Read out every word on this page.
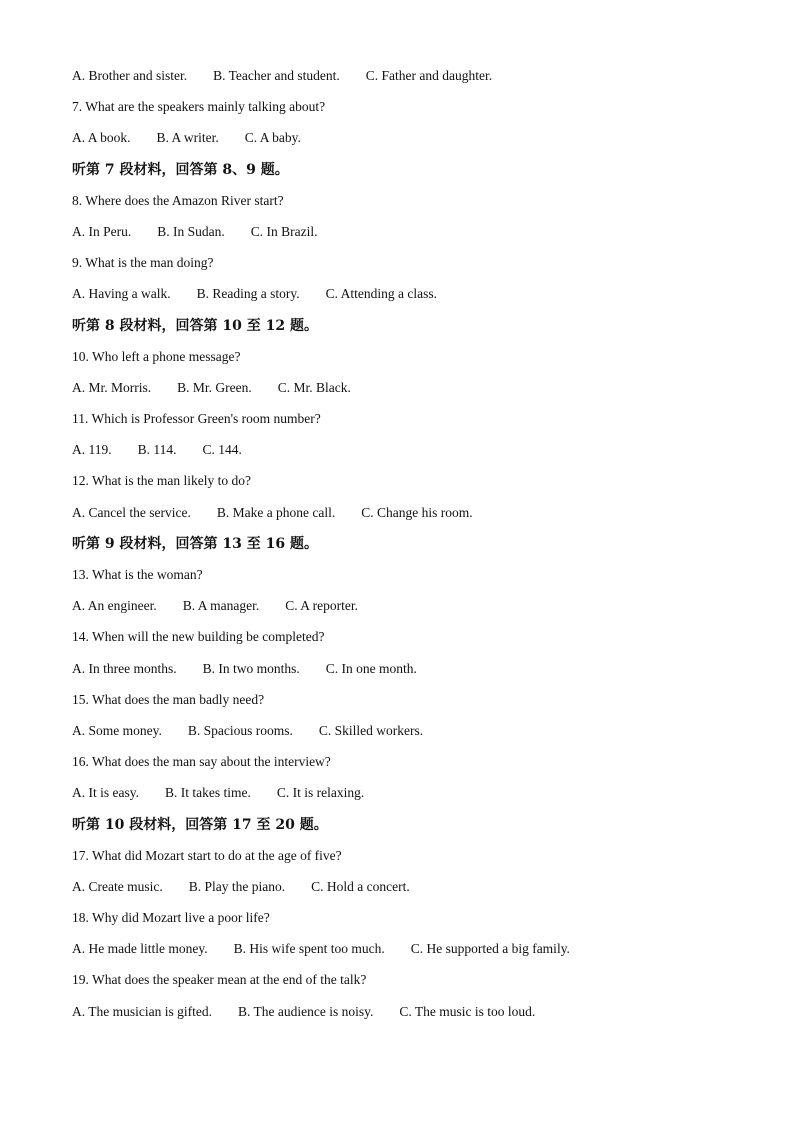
A. Brother and sister. B. Teacher and student. C. Father and daughter.
7. What are the speakers mainly talking about?
A. A book. B. A writer. C. A baby.
听第 7 段材料，回答第 8、9 题。
8. Where does the Amazon River start?
A. In Peru. B. In Sudan. C. In Brazil.
9. What is the man doing?
A. Having a walk. B. Reading a story. C. Attending a class.
听第 8 段材料，回答第 10 至 12 题。
10. Who left a phone message?
A. Mr. Morris. B. Mr. Green. C. Mr. Black.
11. Which is Professor Green's room number?
A. 119. B. 114. C. 144.
12. What is the man likely to do?
A. Cancel the service. B. Make a phone call. C. Change his room.
听第 9 段材料，回答第 13 至 16 题。
13. What is the woman?
A. An engineer. B. A manager. C. A reporter.
14. When will the new building be completed?
A. In three months. B. In two months. C. In one month.
15. What does the man badly need?
A. Some money. B. Spacious rooms. C. Skilled workers.
16. What does the man say about the interview?
A. It is easy. B. It takes time. C. It is relaxing.
听第 10 段材料，回答第 17 至 20 题。
17. What did Mozart start to do at the age of five?
A. Create music. B. Play the piano. C. Hold a concert.
18. Why did Mozart live a poor life?
A. He made little money. B. His wife spent too much. C. He supported a big family.
19. What does the speaker mean at the end of the talk?
A. The musician is gifted. B. The audience is noisy. C. The music is too loud.
